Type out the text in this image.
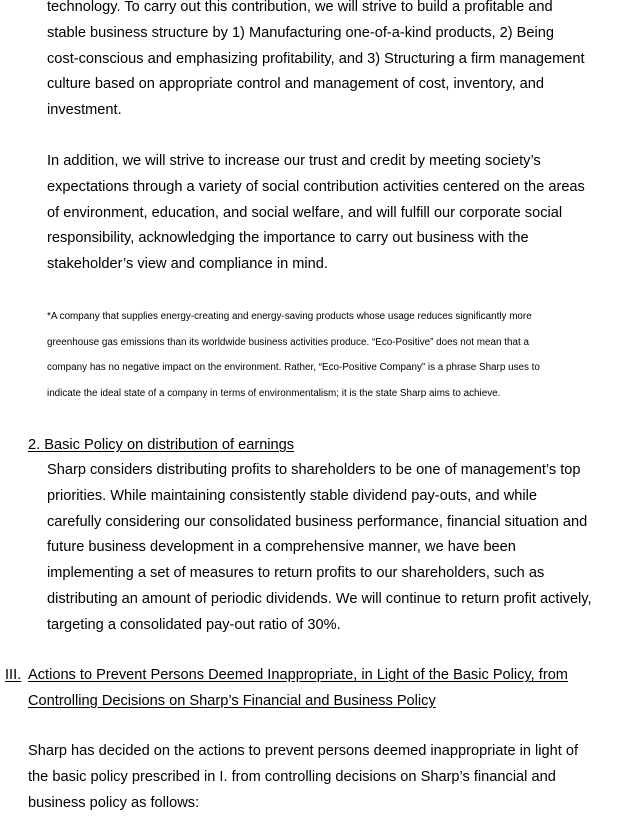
technology. To carry out this contribution, we will strive to build a profitable and
stable business structure by 1) Manufacturing one-of-a-kind products, 2) Being
cost-conscious and emphasizing profitability, and 3) Structuring a firm management
culture based on appropriate control and management of cost, inventory, and
investment.
In addition, we will strive to increase our trust and credit by meeting society’s
expectations through a variety of social contribution activities centered on the areas
of environment, education, and social welfare, and will fulfill our corporate social
responsibility, acknowledging the importance to carry out business with the
stakeholder’s view and compliance in mind.
*A company that supplies energy-creating and energy-saving products whose usage reduces significantly more
greenhouse gas emissions than its worldwide business activities produce. “Eco-Positive” does not mean that a
company has no negative impact on the environment. Rather, “Eco-Positive Company” is a phrase Sharp uses to
indicate the ideal state of a company in terms of environmentalism; it is the state Sharp aims to achieve.
2. Basic Policy on distribution of earnings
Sharp considers distributing profits to shareholders to be one of management’s top
priorities. While maintaining consistently stable dividend pay-outs, and while
carefully considering our consolidated business performance, financial situation and
future business development in a comprehensive manner, we have been
implementing a set of measures to return profits to our shareholders, such as
distributing an amount of periodic dividends. We will continue to return profit actively,
targeting a consolidated pay-out ratio of 30%.
III. Actions to Prevent Persons Deemed Inappropriate, in Light of the Basic Policy, from
Controlling Decisions on Sharp’s Financial and Business Policy
Sharp has decided on the actions to prevent persons deemed inappropriate in light of
the basic policy prescribed in I. from controlling decisions on Sharp’s financial and
business policy as follows:
